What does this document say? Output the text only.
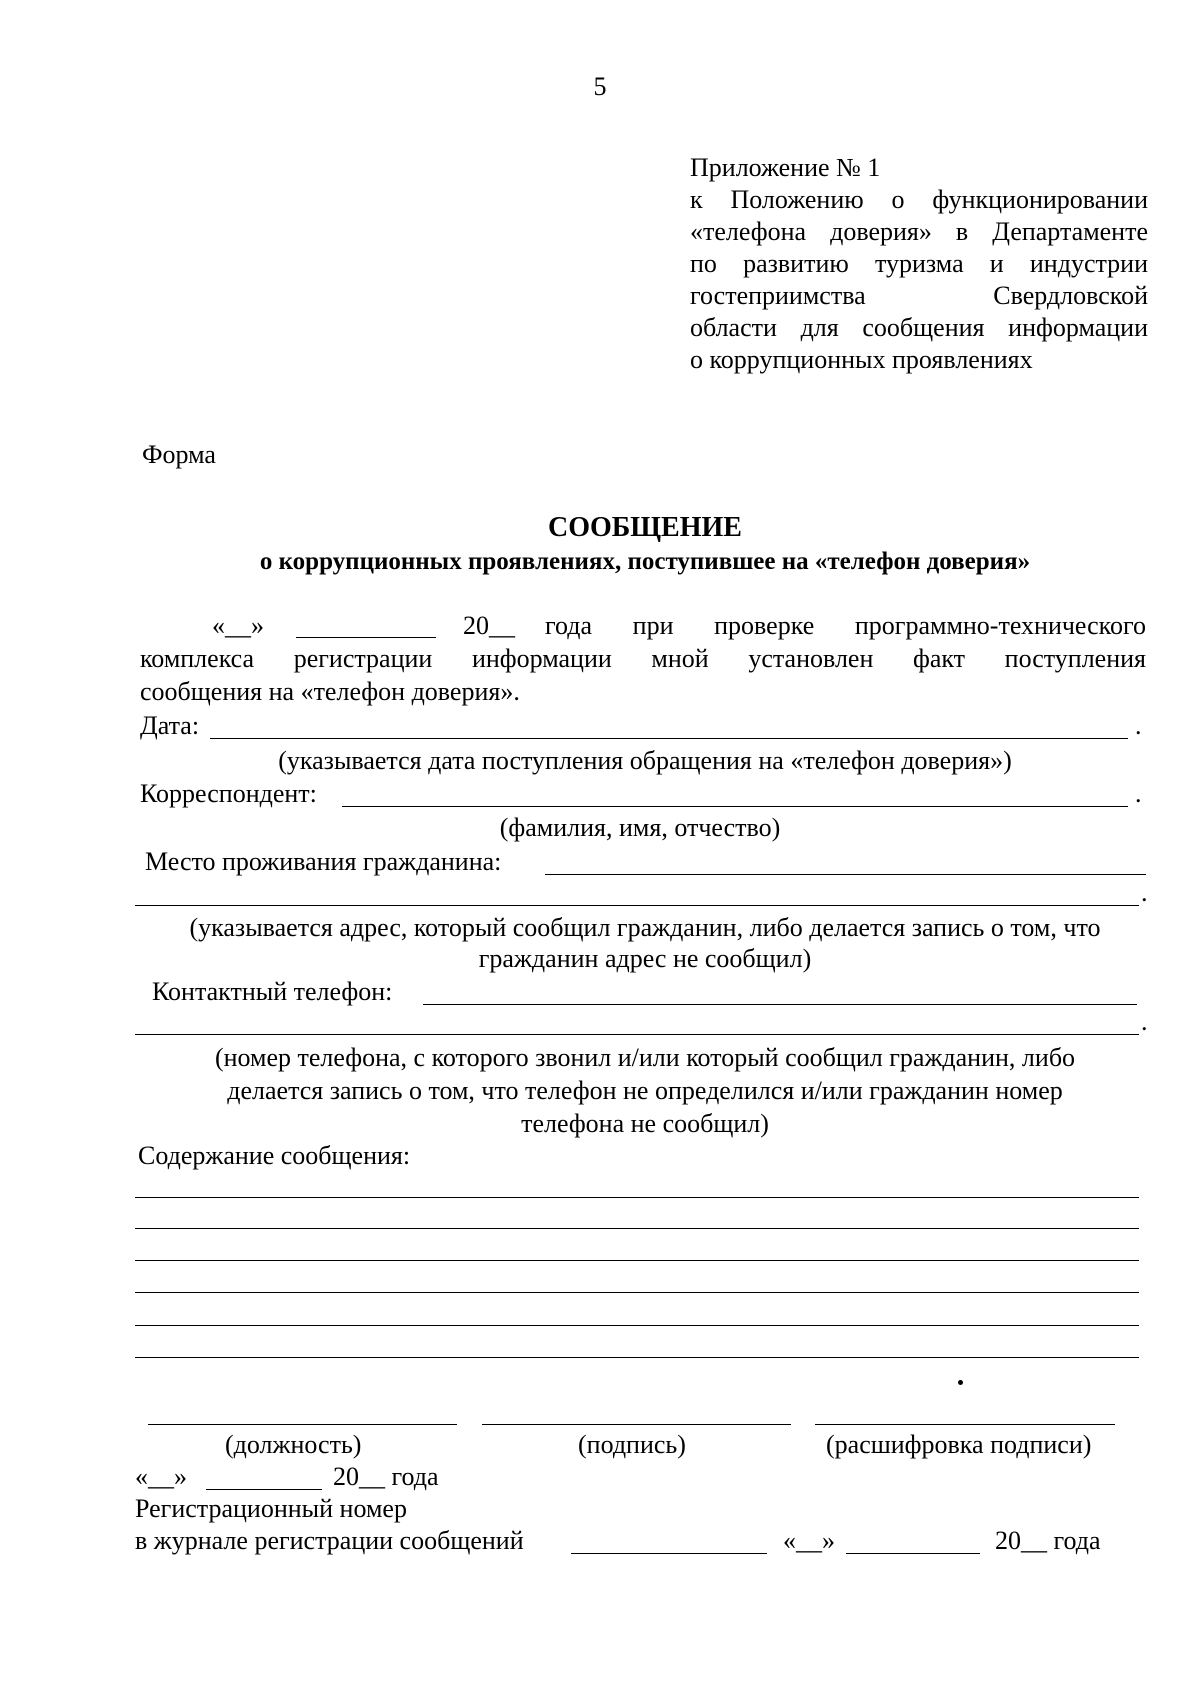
5
Приложение № 1
к Положению о функционировании
«телефона доверия» в Департаменте
по развитию туризма и индустрии
гостеприимства Свердловской
области для сообщения информации
о коррупционных проявлениях
Форма
СООБЩЕНИЕ
о коррупционных проявлениях, поступившее на «телефон доверия»
«__»	20__ года при проверке программно-технического
комплекса регистрации информации мной установлен факт поступления
сообщения на «телефон доверия».
Дата:	.
(указывается дата поступления обращения на «телефон доверия»)
Корреспондент:	.
(фамилия, имя, отчество)
Место проживания гражданина:
.
(указывается адрес, который сообщил гражданин, либо делается запись о том, что
гражданин адрес не сообщил)
Контактный телефон:
.
(номер телефона, с которого звонил и/или который сообщил гражданин, либо
делается запись о том, что телефон не определился и/или гражданин номер
телефона не сообщил)
Содержание сообщения:
(должность)	(подпись)	(расшифровка подписи)
«__»	20__ года
Регистрационный номер
в журнале регистрации сообщений	«__»	20__ года
